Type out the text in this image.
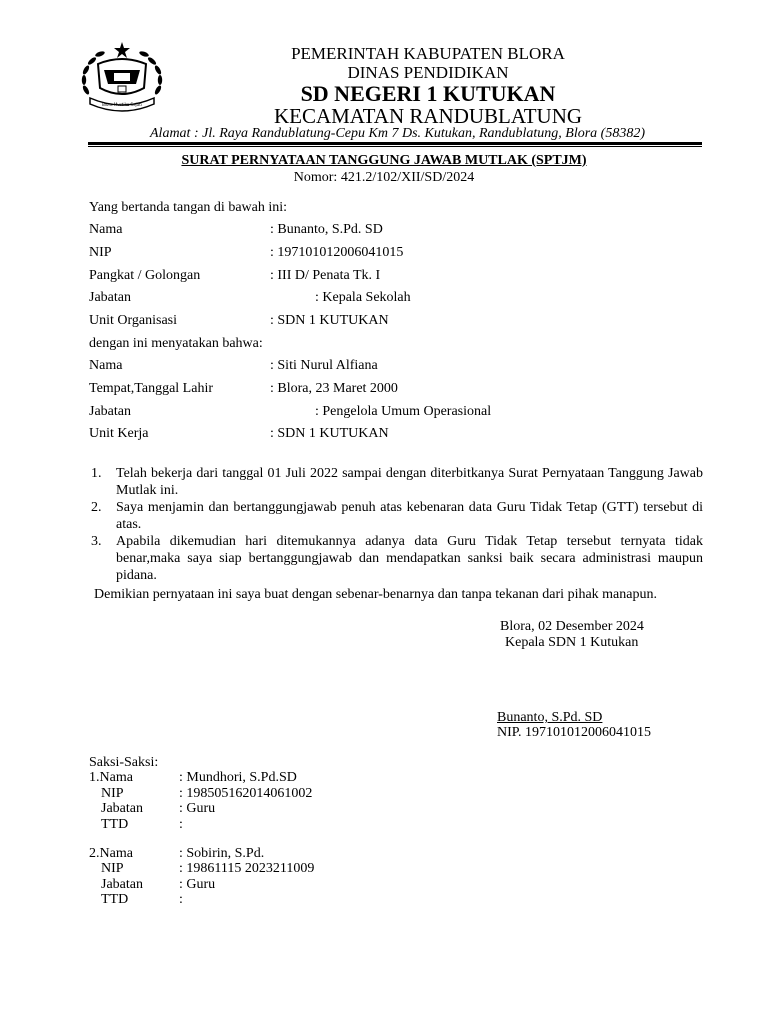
Blora Mustika Sejati
PEMERINTAH KABUPATEN BLORA
DINAS PENDIDIKAN
SD NEGERI 1 KUTUKAN
KECAMATAN RANDUBLATUNG
Alamat : Jl. Raya Randublatung-Cepu Km 7 Ds. Kutukan, Randublatung, Blora (58382)
SURAT PERNYATAAN TANGGUNG JAWAB MUTLAK (SPTJM)
Nomor: 421.2/102/XII/SD/2024
Yang bertanda tangan di bawah ini:
Nama	: Bunanto, S.Pd. SD
NIP	: 197101012006041015
Pangkat / Golongan	: III D/ Penata Tk. I
Jabatan	: Kepala Sekolah
Unit Organisasi	: SDN 1 KUTUKAN
dengan ini menyatakan bahwa:
Nama	: Siti Nurul Alfiana
Tempat,Tanggal Lahir	: Blora, 23 Maret 2000
Jabatan	: Pengelola Umum Operasional
Unit Kerja	: SDN 1 KUTUKAN
1.	Telah bekerja dari tanggal 01 Juli 2022 sampai dengan diterbitkanya Surat Pernyataan Tanggung Jawab Mutlak ini.
2.	Saya menjamin dan bertanggungjawab penuh atas kebenaran data Guru Tidak Tetap (GTT) tersebut di atas.
3.	Apabila dikemudian hari ditemukannya adanya data Guru Tidak Tetap tersebut ternyata tidak benar,maka saya siap bertanggungjawab dan mendapatkan sanksi baik secara administrasi maupun pidana.
Demikian pernyataan ini saya buat dengan sebenar-benarnya dan tanpa tekanan dari pihak manapun.
Blora, 02 Desember 2024
Kepala SDN 1 Kutukan
Bunanto, S.Pd. SD
NIP. 197101012006041015
Saksi-Saksi:
1.Nama	: Mundhori, S.Pd.SD
NIP	: 198505162014061002
Jabatan	: Guru
TTD	:
2.Nama	: Sobirin, S.Pd.
NIP	: 19861115 2023211009
Jabatan	: Guru
TTD	:
